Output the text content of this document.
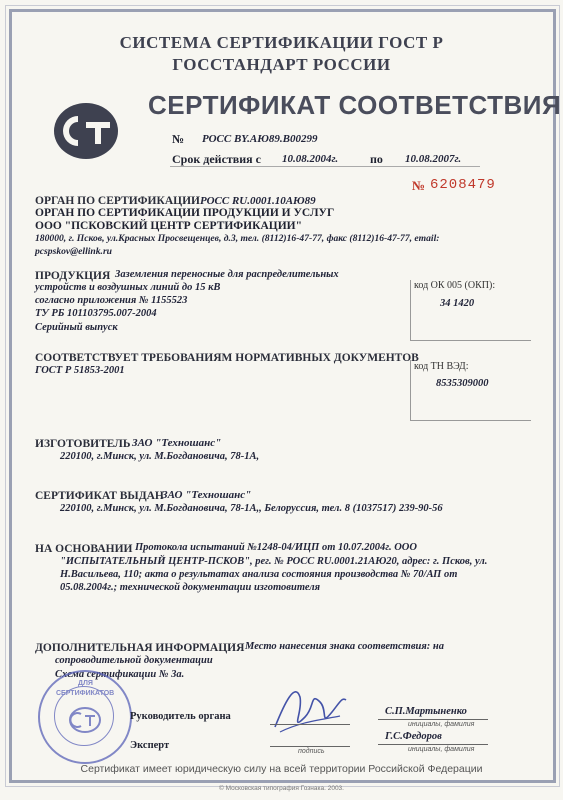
СИСТЕМА СЕРТИФИКАЦИИ ГОСТ Р
ГОССТАНДАРТ РОССИИ
СЕРТИФИКАТ СООТВЕТСТВИЯ
№ РОСС BY.АЮ89.В00299
Срок действия с 10.08.2004г.	по 10.08.2007г.
№ 6208479
ОРГАН ПО СЕРТИФИКАЦИИ РОСС RU.0001.10АЮ89
ОРГАН ПО СЕРТИФИКАЦИИ ПРОДУКЦИИ И УСЛУГ
ООО "ПСКОВСКИЙ ЦЕНТР СЕРТИФИКАЦИИ"
180000, г. Псков, ул.Красных Просвещенцев, д.3, тел. (8112)16-47-77, факс (8112)16-47-77, email:
pcspskov@ellink.ru
ПРОДУКЦИЯ Заземления переносные для распределительных
устройств и воздушных линий до 15 кВ
согласно приложения № 1155523
ТУ РБ 101103795.007-2004
Серийный выпуск
код ОК 005 (ОКП):
34 1420
СООТВЕТСТВУЕТ ТРЕБОВАНИЯМ НОРМАТИВНЫХ ДОКУМЕНТОВ
ГОСТ Р 51853-2001	код ТН ВЭД:
8535309000
ИЗГОТОВИТЕЛЬ ЗАО "Техношанс"
220100, г.Минск, ул. М.Богдановича, 78-1А,
СЕРТИФИКАТ ВЫДАН
ЗАО "Техношанс"
220100, г.Минск, ул. М.Богдановича, 78-1А,, Белоруссия, тел. 8 (1037517) 239-90-56
НА ОСНОВАНИИ Протокола испытаний №1248-04/ИЦП от 10.07.2004г. ООО
"ИСПЫТАТЕЛЬНЫЙ ЦЕНТР-ПСКОВ", рег. № РОСС RU.0001.21АЮ20, адрес: г. Псков, ул.
Н.Васильева, 110; акта о результатах анализа состояния производства № 70/АП от
05.08.2004г.; технической документации изготовителя
ДОПОЛНИТЕЛЬНАЯ ИНФОРМАЦИЯ Место нанесения знака соответствия: на
сопроводительной документации
Схема сертификации № 3а.
ДЛЯ
СЕРТИФИКАТОВ
Руководитель органа	С.П.Мартыненко
инициалы, фамилия
Эксперт
подпись
Г.С.Федоров
инициалы, фамилия
Сертификат имеет юридическую силу на всей территории Российской Федерации
© Московская типография Гознака. 2003.
